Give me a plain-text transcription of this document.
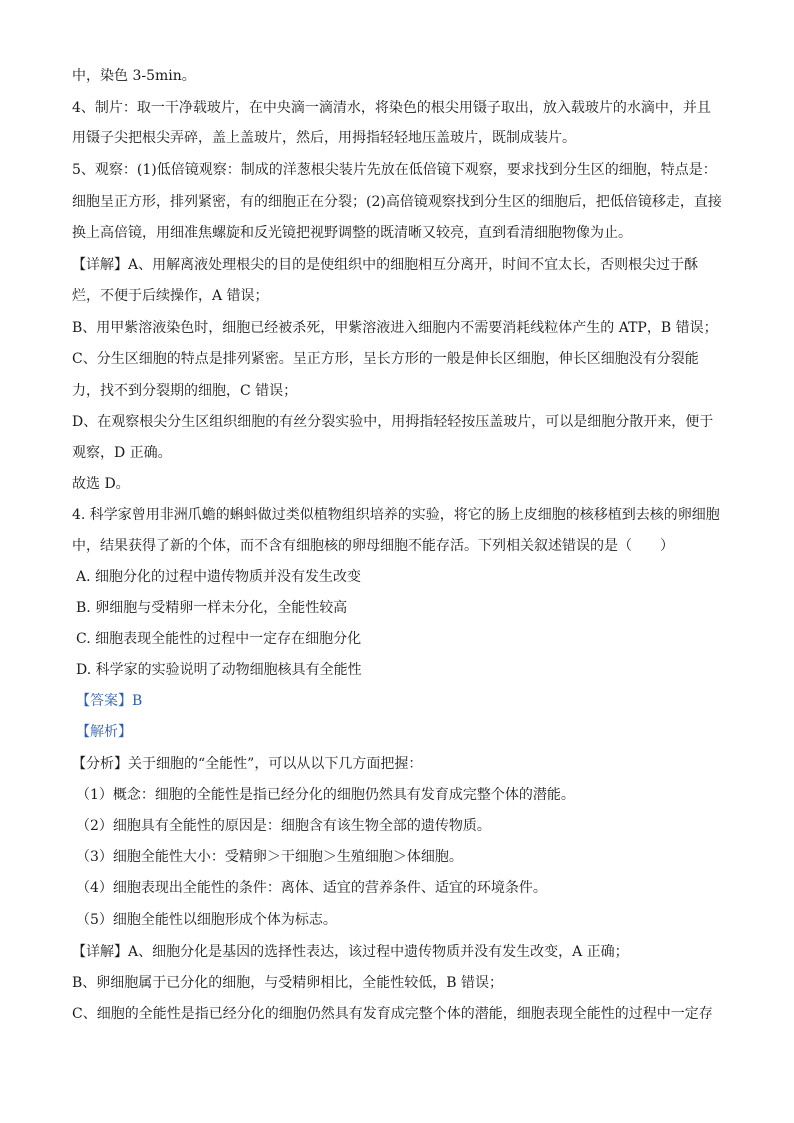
中，染色 3-5min。
4、制片：取一干净载玻片，在中央滴一滴清水，将染色的根尖用镊子取出，放入载玻片的水滴中，并且
用镊子尖把根尖弄碎，盖上盖玻片，然后，用拇指轻轻地压盖玻片，既制成装片。
5、观察：(1)低倍镜观察：制成的洋葱根尖装片先放在低倍镜下观察，要求找到分生区的细胞，特点是：
细胞呈正方形，排列紧密，有的细胞正在分裂；(2)高倍镜观察找到分生区的细胞后，把低倍镜移走，直接
换上高倍镜，用细准焦螺旋和反光镜把视野调整的既清晰又较亮，直到看清细胞物像为止。
【详解】A、用解离液处理根尖的目的是使组织中的细胞相互分离开，时间不宜太长，否则根尖过于酥
烂，不便于后续操作，A 错误；
B、用甲紫溶液染色时，细胞已经被杀死，甲紫溶液进入细胞内不需要消耗线粒体产生的 ATP，B 错误；
C、分生区细胞的特点是排列紧密。呈正方形，呈长方形的一般是伸长区细胞，伸长区细胞没有分裂能
力，找不到分裂期的细胞，C 错误；
D、在观察根尖分生区组织细胞的有丝分裂实验中，用拇指轻轻按压盖玻片，可以是细胞分散开来，便于
观察，D 正确。
故选 D。
4. 科学家曾用非洲爪蟾的蝌蚪做过类似植物组织培养的实验，将它的肠上皮细胞的核移植到去核的卵细胞
中，结果获得了新的个体，而不含有细胞核的卵母细胞不能存活。下列相关叙述错误的是（　　）
A. 细胞分化的过程中遗传物质并没有发生改变
B. 卵细胞与受精卵一样未分化，全能性较高
C. 细胞表现全能性的过程中一定存在细胞分化
D. 科学家的实验说明了动物细胞核具有全能性
【答案】B
【解析】
【分析】关于细胞的“全能性”，可以从以下几方面把握：
（1）概念：细胞的全能性是指已经分化的细胞仍然具有发育成完整个体的潜能。
（2）细胞具有全能性的原因是：细胞含有该生物全部的遗传物质。
（3）细胞全能性大小：受精卵＞干细胞＞生殖细胞＞体细胞。
（4）细胞表现出全能性的条件：离体、适宜的营养条件、适宜的环境条件。
（5）细胞全能性以细胞形成个体为标志。
【详解】A、细胞分化是基因的选择性表达，该过程中遗传物质并没有发生改变，A 正确；
B、卵细胞属于已分化的细胞，与受精卵相比，全能性较低，B 错误；
C、细胞的全能性是指已经分化的细胞仍然具有发育成完整个体的潜能，细胞表现全能性的过程中一定存
